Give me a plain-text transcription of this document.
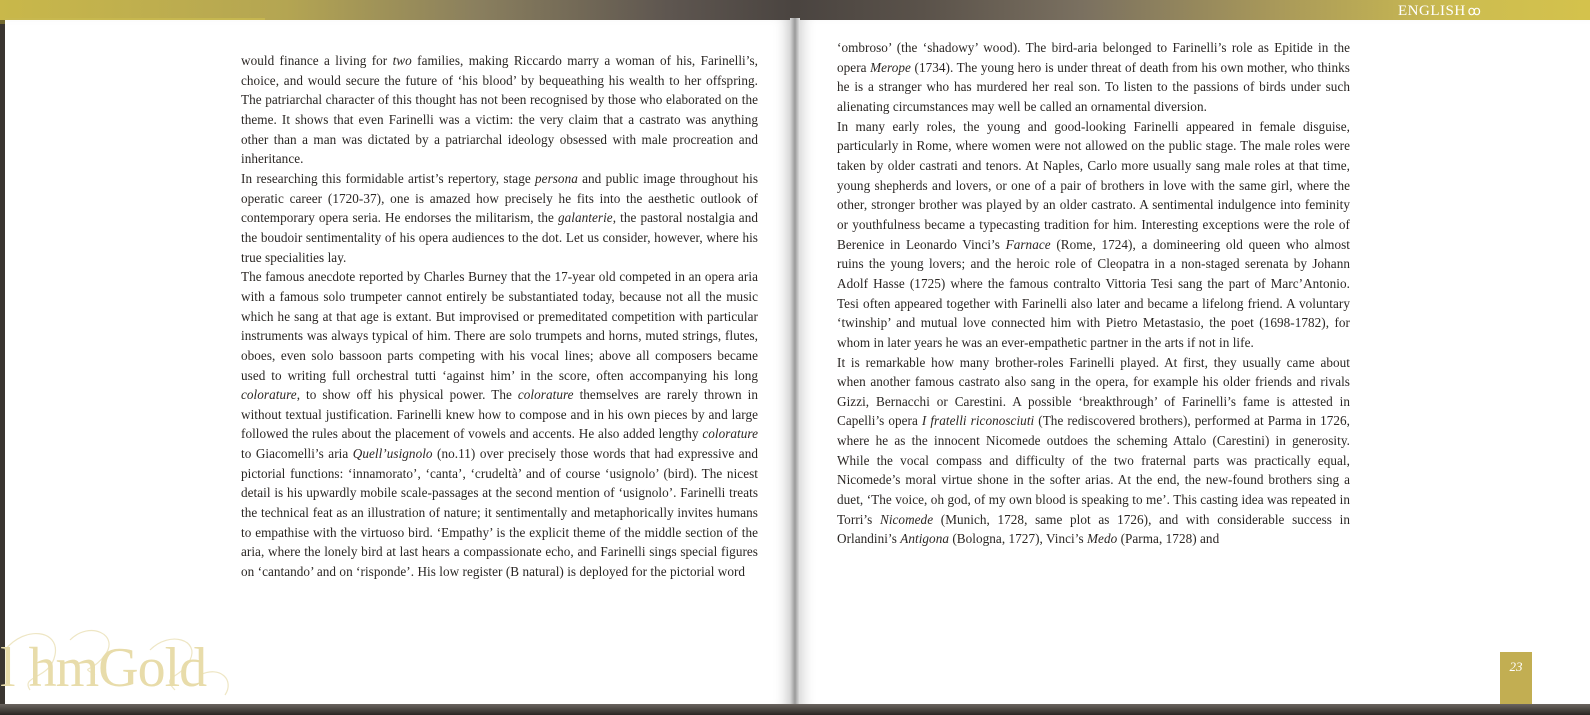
ENGLISH ꝏ
l hmGold

would finance a living for two families, making Riccardo marry a woman of his, Farinelli’s, choice, and would secure the future of ‘his blood’ by bequeathing his wealth to her offspring. The patriarchal character of this thought has not been recognised by those who elaborated on the theme. It shows that even Farinelli was a victim: the very claim that a castrato was anything other than a man was dictated by a patriarchal ideology obsessed with male procreation and inheritance.

In researching this formidable artist’s repertory, stage persona and public image throughout his operatic career (1720-37), one is amazed how precisely he fits into the aesthetic outlook of contemporary opera seria. He endorses the militarism, the galanterie, the pastoral nostalgia and the boudoir sentimentality of his opera audiences to the dot. Let us consider, however, where his true specialities lay.

The famous anecdote reported by Charles Burney that the 17-year old competed in an opera aria with a famous solo trumpeter cannot entirely be substantiated today, because not all the music which he sang at that age is extant. But improvised or premeditated competition with particular instruments was always typical of him. There are solo trumpets and horns, muted strings, flutes, oboes, even solo bassoon parts competing with his vocal lines; above all composers became used to writing full orchestral tutti ‘against him’ in the score, often accompanying his long colorature, to show off his physical power. The colorature themselves are rarely thrown in without textual justification. Farinelli knew how to compose and in his own pieces by and large followed the rules about the placement of vowels and accents. He also added lengthy colorature to Giacomelli’s aria Quell’usignolo (no.11) over precisely those words that had expressive and pictorial functions: ‘innamorato’, ‘canta’, ‘crudeltà’ and of course ‘usignolo’ (bird). The nicest detail is his upwardly mobile scale-passages at the second mention of ‘usignolo’. Farinelli treats the technical feat as an illustration of nature; it sentimentally and metaphorically invites humans to empathise with the virtuoso bird. ‘Empathy’ is the explicit theme of the middle section of the aria, where the lonely bird at last hears a compassionate echo, and Farinelli sings special figures on ‘cantando’ and on ‘risponde’. His low register (B natural) is deployed for the pictorial word

‘ombroso’ (the ‘shadowy’ wood). The bird-aria belonged to Farinelli’s role as Epitide in the opera Merope (1734). The young hero is under threat of death from his own mother, who thinks he is a stranger who has murdered her real son. To listen to the passions of birds under such alienating circumstances may well be called an ornamental diversion.

In many early roles, the young and good-looking Farinelli appeared in female disguise, particularly in Rome, where women were not allowed on the public stage. The male roles were taken by older castrati and tenors. At Naples, Carlo more usually sang male roles at that time, young shepherds and lovers, or one of a pair of brothers in love with the same girl, where the other, stronger brother was played by an older castrato. A sentimental indulgence into feminity or youthfulness became a typecasting tradition for him. Interesting exceptions were the role of Berenice in Leonardo Vinci’s Farnace (Rome, 1724), a domineering old queen who almost ruins the young lovers; and the heroic role of Cleopatra in a non-staged serenata by Johann Adolf Hasse (1725) where the famous contralto Vittoria Tesi sang the part of Marc’Antonio. Tesi often appeared together with Farinelli also later and became a lifelong friend. A voluntary ‘twinship’ and mutual love connected him with Pietro Metastasio, the poet (1698-1782), for whom in later years he was an ever-empathetic partner in the arts if not in life.

It is remarkable how many brother-roles Farinelli played. At first, they usually came about when another famous castrato also sang in the opera, for example his older friends and rivals Gizzi, Bernacchi or Carestini. A possible ‘breakthrough’ of Farinelli’s fame is attested in Capelli’s opera I fratelli riconosciuti (The rediscovered brothers), performed at Parma in 1726, where he as the innocent Nicomede outdoes the scheming Attalo (Carestini) in generosity. While the vocal compass and difficulty of the two fraternal parts was practically equal, Nicomede’s moral virtue shone in the softer arias. At the end, the new-found brothers sing a duet, ‘The voice, oh god, of my own blood is speaking to me’. This casting idea was repeated in Torri’s Nicomede (Munich, 1728, same plot as 1726), and with considerable success in Orlandini’s Antigona (Bologna, 1727), Vinci’s Medo (Parma, 1728) and

23
